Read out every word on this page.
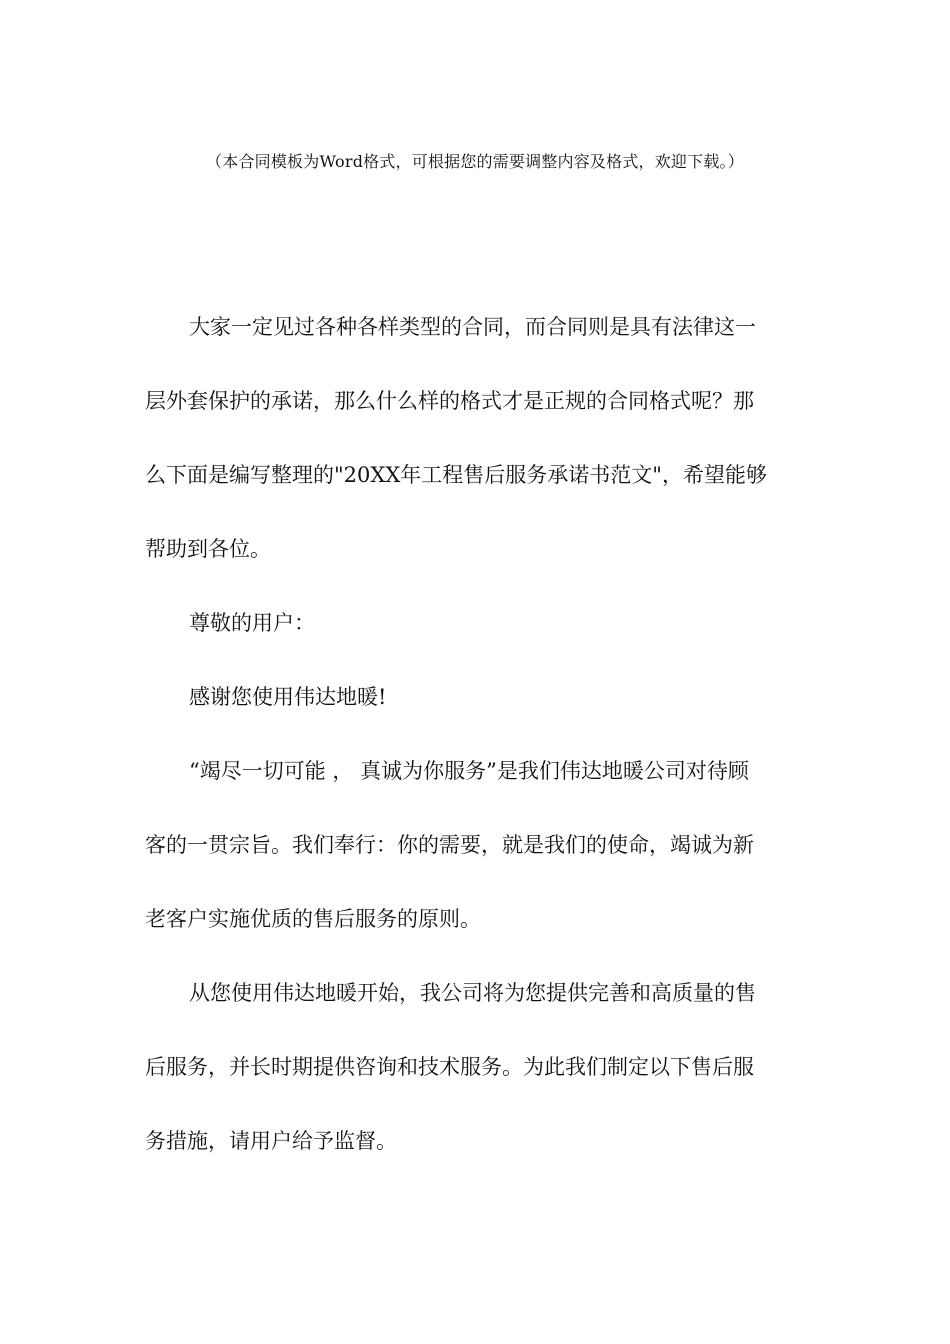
（本合同模板为Word格式，可根据您的需要调整内容及格式，欢迎下载。）
大家一定见过各种各样类型的合同，而合同则是具有法律这一
层外套保护的承诺，那么什么样的格式才是正规的合同格式呢？那
么下面是编写整理的"20XX年工程售后服务承诺书范文"，希望能够
帮助到各位。
尊敬的用户：
感谢您使用伟达地暖!
“竭尽一切可能 ， 真诚为你服务”是我们伟达地暖公司对待顾
客的一贯宗旨。我们奉行：你的需要，就是我们的使命，竭诚为新
老客户实施优质的售后服务的原则。
从您使用伟达地暖开始，我公司将为您提供完善和高质量的售
后服务，并长时期提供咨询和技术服务。为此我们制定以下售后服
务措施，请用户给予监督。
